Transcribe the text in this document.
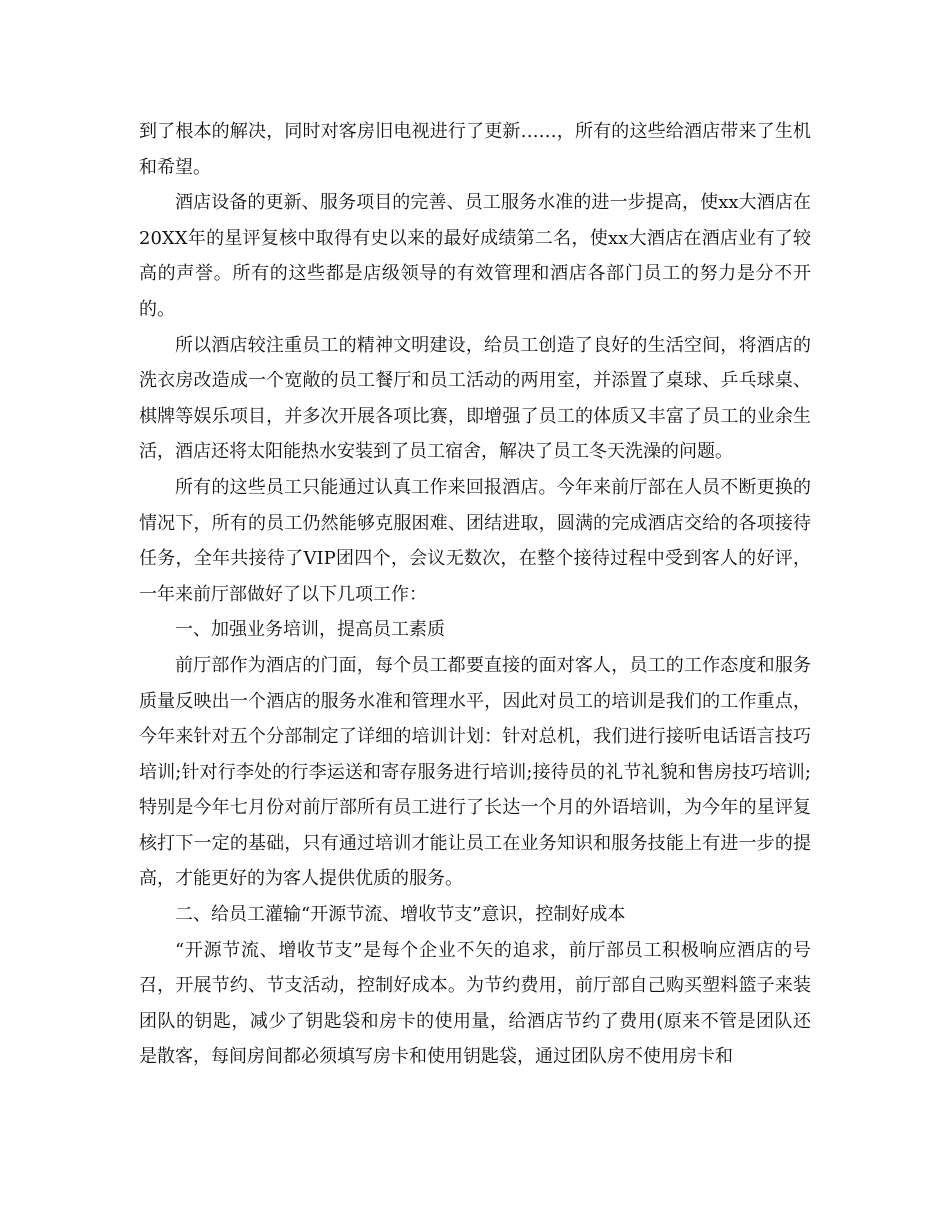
到了根本的解决，同时对客房旧电视进行了更新……，所有的这些给酒店带来了生机和希望。

酒店设备的更新、服务项目的完善、员工服务水准的进一步提高，使xx大酒店在20XX年的星评复核中取得有史以来的最好成绩第二名，使xx大酒店在酒店业有了较高的声誉。所有的这些都是店级领导的有效管理和酒店各部门员工的努力是分不开的。

所以酒店较注重员工的精神文明建设，给员工创造了良好的生活空间，将酒店的洗衣房改造成一个宽敞的员工餐厅和员工活动的两用室，并添置了桌球、乒乓球桌、棋牌等娱乐项目，并多次开展各项比赛，即增强了员工的体质又丰富了员工的业余生活，酒店还将太阳能热水安装到了员工宿舍，解决了员工冬天洗澡的问题。

所有的这些员工只能通过认真工作来回报酒店。今年来前厅部在人员不断更换的情况下，所有的员工仍然能够克服困难、团结进取，圆满的完成酒店交给的各项接待任务，全年共接待了VIP团四个，会议无数次，在整个接待过程中受到客人的好评，一年来前厅部做好了以下几项工作：

一、加强业务培训，提高员工素质

前厅部作为酒店的门面，每个员工都要直接的面对客人，员工的工作态度和服务质量反映出一个酒店的服务水准和管理水平，因此对员工的培训是我们的工作重点，今年来针对五个分部制定了详细的培训计划：针对总机，我们进行接听电话语言技巧培训;针对行李处的行李运送和寄存服务进行培训;接待员的礼节礼貌和售房技巧培训;特别是今年七月份对前厅部所有员工进行了长达一个月的外语培训，为今年的星评复核打下一定的基础，只有通过培训才能让员工在业务知识和服务技能上有进一步的提高，才能更好的为客人提供优质的服务。

二、给员工灌输“开源节流、增收节支”意识，控制好成本

“开源节流、增收节支”是每个企业不矢的追求，前厅部员工积极响应酒店的号召，开展节约、节支活动，控制好成本。为节约费用，前厅部自己购买塑料篮子来装团队的钥匙，减少了钥匙袋和房卡的使用量，给酒店节约了费用(原来不管是团队还是散客，每间房间都必须填写房卡和使用钥匙袋，通过团队房不使用房卡和
